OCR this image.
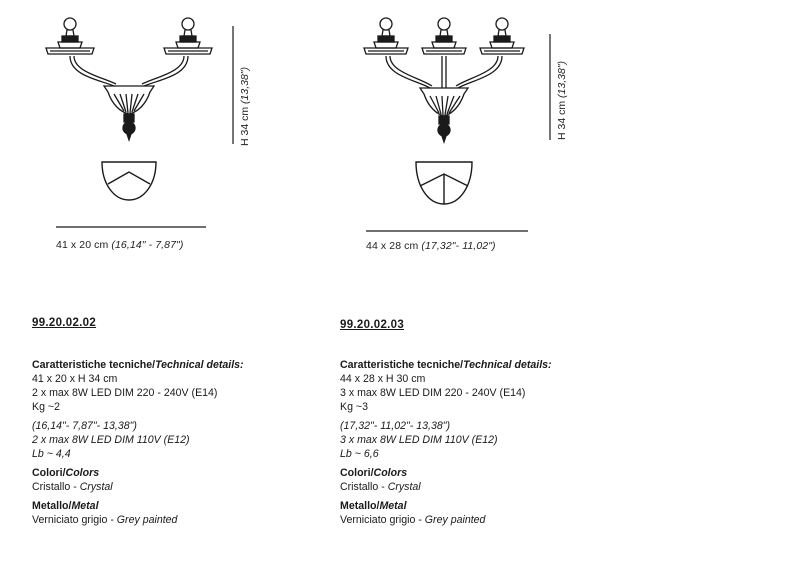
H 34 cm (13,38")
41 x 20 cm (16,14" - 7,87")
H 34 cm (13,38")
44 x 28 cm (17,32"- 11,02")
99.20.02.02
Caratteristiche tecniche/Technical details:
41 x 20 x H 34 cm
2 x max 8W LED DIM 220 - 240V (E14)
Kg ~2
(16,14"- 7,87"- 13,38")
2 x max 8W LED DIM 110V (E12)
Lb ~ 4,4
Colori/Colors
Cristallo - Crystal
Metallo/Metal
Verniciato grigio - Grey painted
99.20.02.03
Caratteristiche tecniche/Technical details:
44 x 28 x H 30 cm
3 x max 8W LED DIM 220 - 240V (E14)
Kg ~3
(17,32"- 11,02"- 13,38")
3 x max 8W LED DIM 110V (E12)
Lb ~ 6,6
Colori/Colors
Cristallo - Crystal
Metallo/Metal
Verniciato grigio - Grey painted
